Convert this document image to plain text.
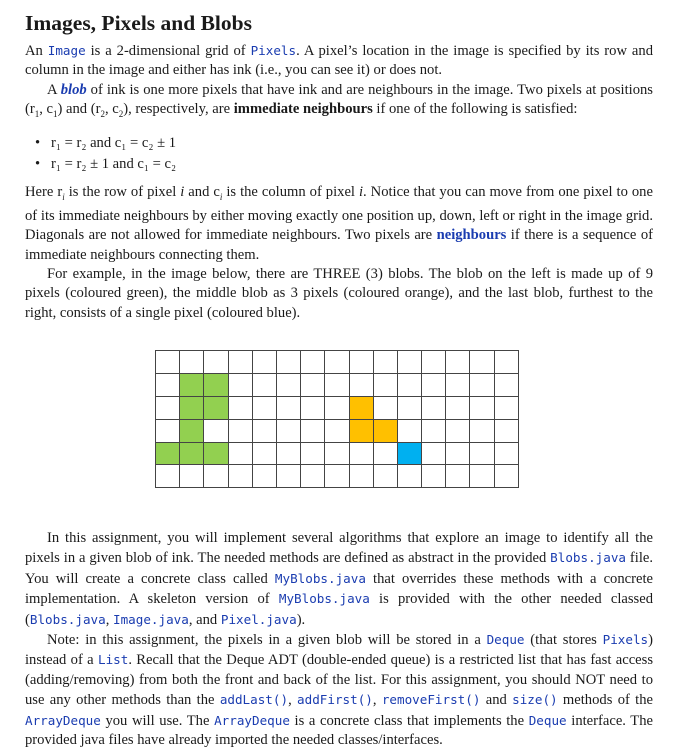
Images, Pixels and Blobs

An Image is a 2-dimensional grid of Pixels. A pixel’s location in the image is specified by its row and column in the image and either has ink (i.e., you can see it) or does not.

A blob of ink is one more pixels that have ink and are neighbours in the image. Two pixels at positions ($r_1$, $c_1$) and ($r_2$, $c_2$), respectively, are immediate neighbours if one of the following is satisfied:

• r₁ = r₂ and c₁ = c₂ ± 1
• r₁ = r₂ ± 1 and c₁ = c₂

Here $r_i$ is the row of pixel i and $c_i$ is the column of pixel i. Notice that you can move from one pixel to one of its immediate neighbours by either moving exactly one position up, down, left or right in the image grid. Diagonals are not allowed for immediate neighbours. Two pixels are neighbours if there is a sequence of immediate neighbours connecting them.

For example, in the image below, there are THREE (3) blobs. The blob on the left is made up of 9 pixels (coloured green), the middle blob as 3 pixels (coloured orange), and the last blob, furthest to the right, consists of a single pixel (coloured blue).

In this assignment, you will implement several algorithms that explore an image to identify all the pixels in a given blob of ink. The needed methods are defined as abstract in the provided Blobs.java file. You will create a concrete class called MyBlobs.java that overrides these methods with a concrete implementation. A skeleton version of MyBlobs.java is provided with the other needed classed (Blobs.java, Image.java, and Pixel.java).

Note: in this assignment, the pixels in a given blob will be stored in a Deque (that stores Pixels) instead of a List. Recall that the Deque ADT (double-ended queue) is a restricted list that has fast access (adding/removing) from both the front and back of the list. For this assignment, you should NOT need to use any other methods than the addLast(), addFirst(), removeFirst() and size() methods of the ArrayDeque you will use. The ArrayDeque is a concrete class that implements the Deque interface. The provided java files have already imported the needed classes/interfaces.
